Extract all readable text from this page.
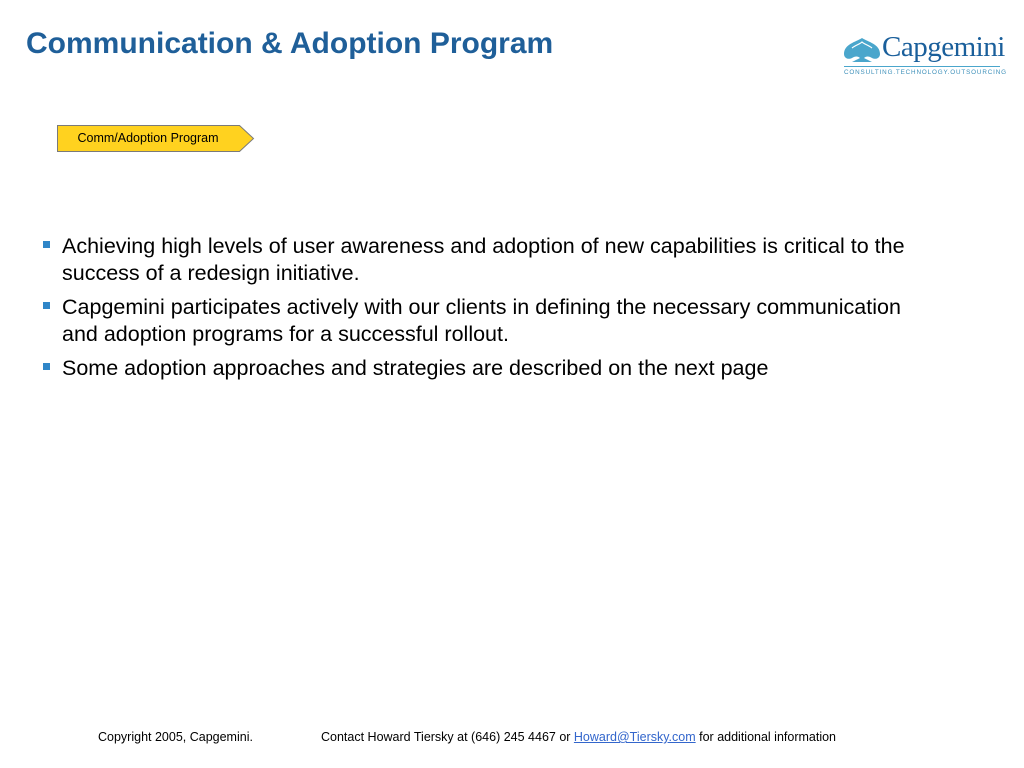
Communication & Adoption Program	Capgemini
CONSULTING.TECHNOLOGY.OUTSOURCING
Comm/Adoption Program
Achieving high levels of user awareness and adoption of new capabilities is critical to the success of a redesign initiative.
Capgemini participates actively with our clients in defining the necessary communication and adoption programs for a successful rollout.
Some adoption approaches and strategies are described on the next page
Copyright 2005, Capgemini.	Contact Howard Tiersky at (646) 245 4467 or Howard@Tiersky.com for additional information
